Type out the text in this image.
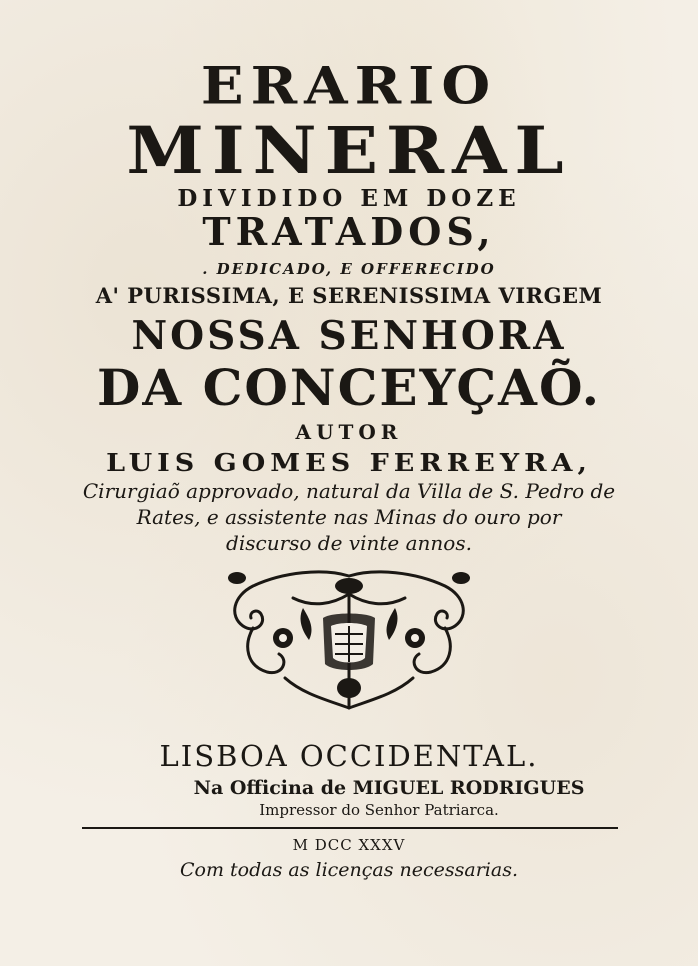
ERARIO
MINERAL
DIVIDIDO EM DOZE
TRATADOS,
. DEDICADO, E OFFERECIDO
A' PURISSIMA, E SERENISSIMA VIRGEM
NOSSA SENHORA
DA CONCEYÇAÕ.
AUTOR
LUIS GOMES FERREYRA,
Cirurgiaõ approvado, natural da Villa de S. Pedro de
Rates, e assistente nas Minas do ouro por
discurso de vinte annos.
LISBOA OCCIDENTAL.
Na Officina de MIGUEL RODRIGUES
Impressor do Senhor Patriarca.
M DCC XXXV
Com todas as licenças necessarias.
